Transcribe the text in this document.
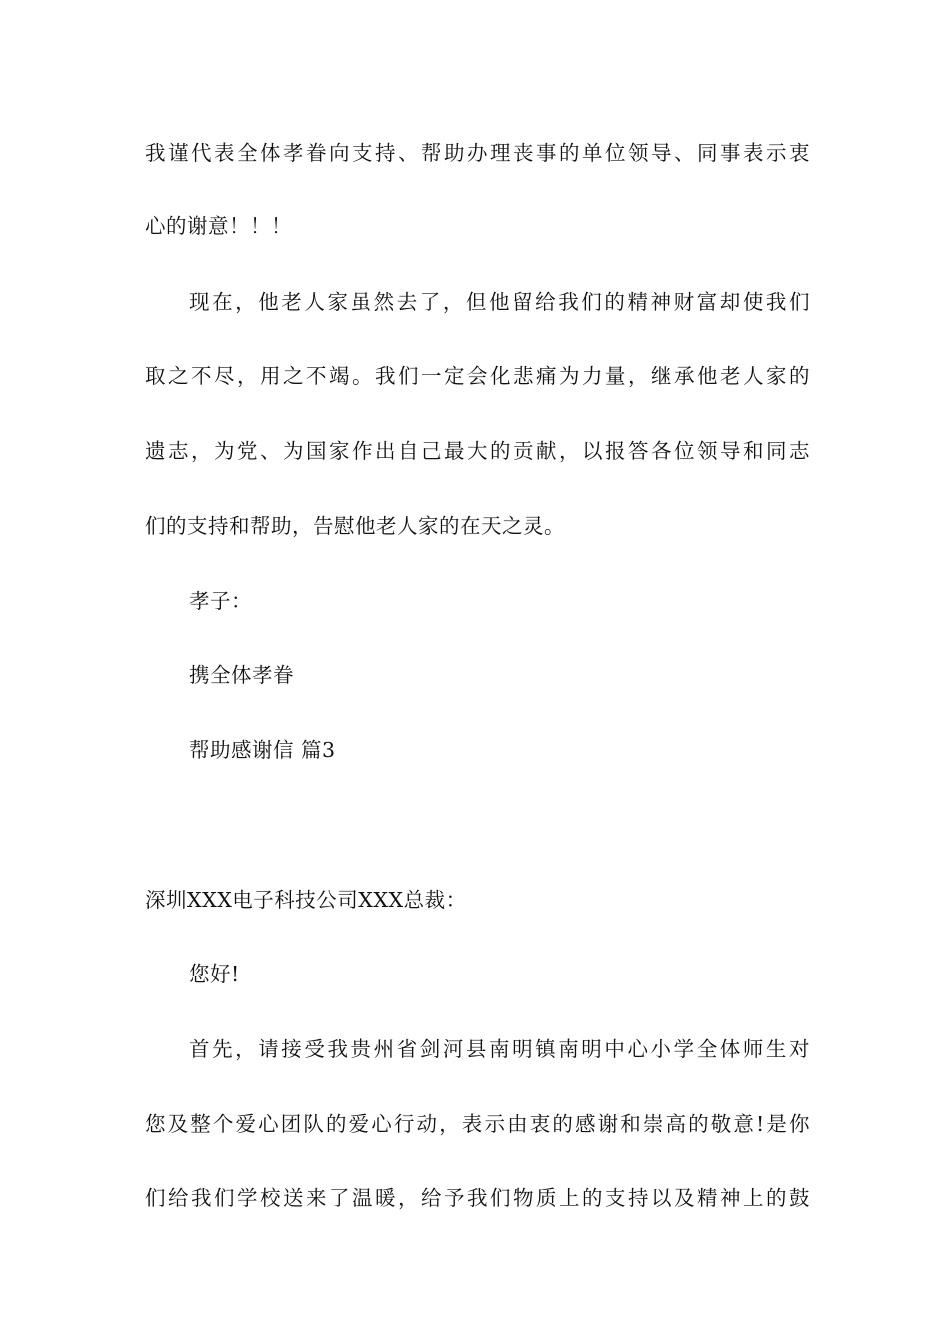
我谨代表全体孝眷向支持、帮助办理丧事的单位领导、同事表示衷
心的谢意！！！
现在，他老人家虽然去了，但他留给我们的精神财富却使我们
取之不尽，用之不竭。我们一定会化悲痛为力量，继承他老人家的
遗志，为党、为国家作出自己最大的贡献，以报答各位领导和同志
们的支持和帮助，告慰他老人家的在天之灵。
孝子：
携全体孝眷
帮助感谢信 篇3
深圳XXX电子科技公司XXX总裁：
您好!
首先，请接受我贵州省剑河县南明镇南明中心小学全体师生对
您及整个爱心团队的爱心行动，表示由衷的感谢和崇高的敬意!是你
们给我们学校送来了温暖，给予我们物质上的支持以及精神上的鼓
